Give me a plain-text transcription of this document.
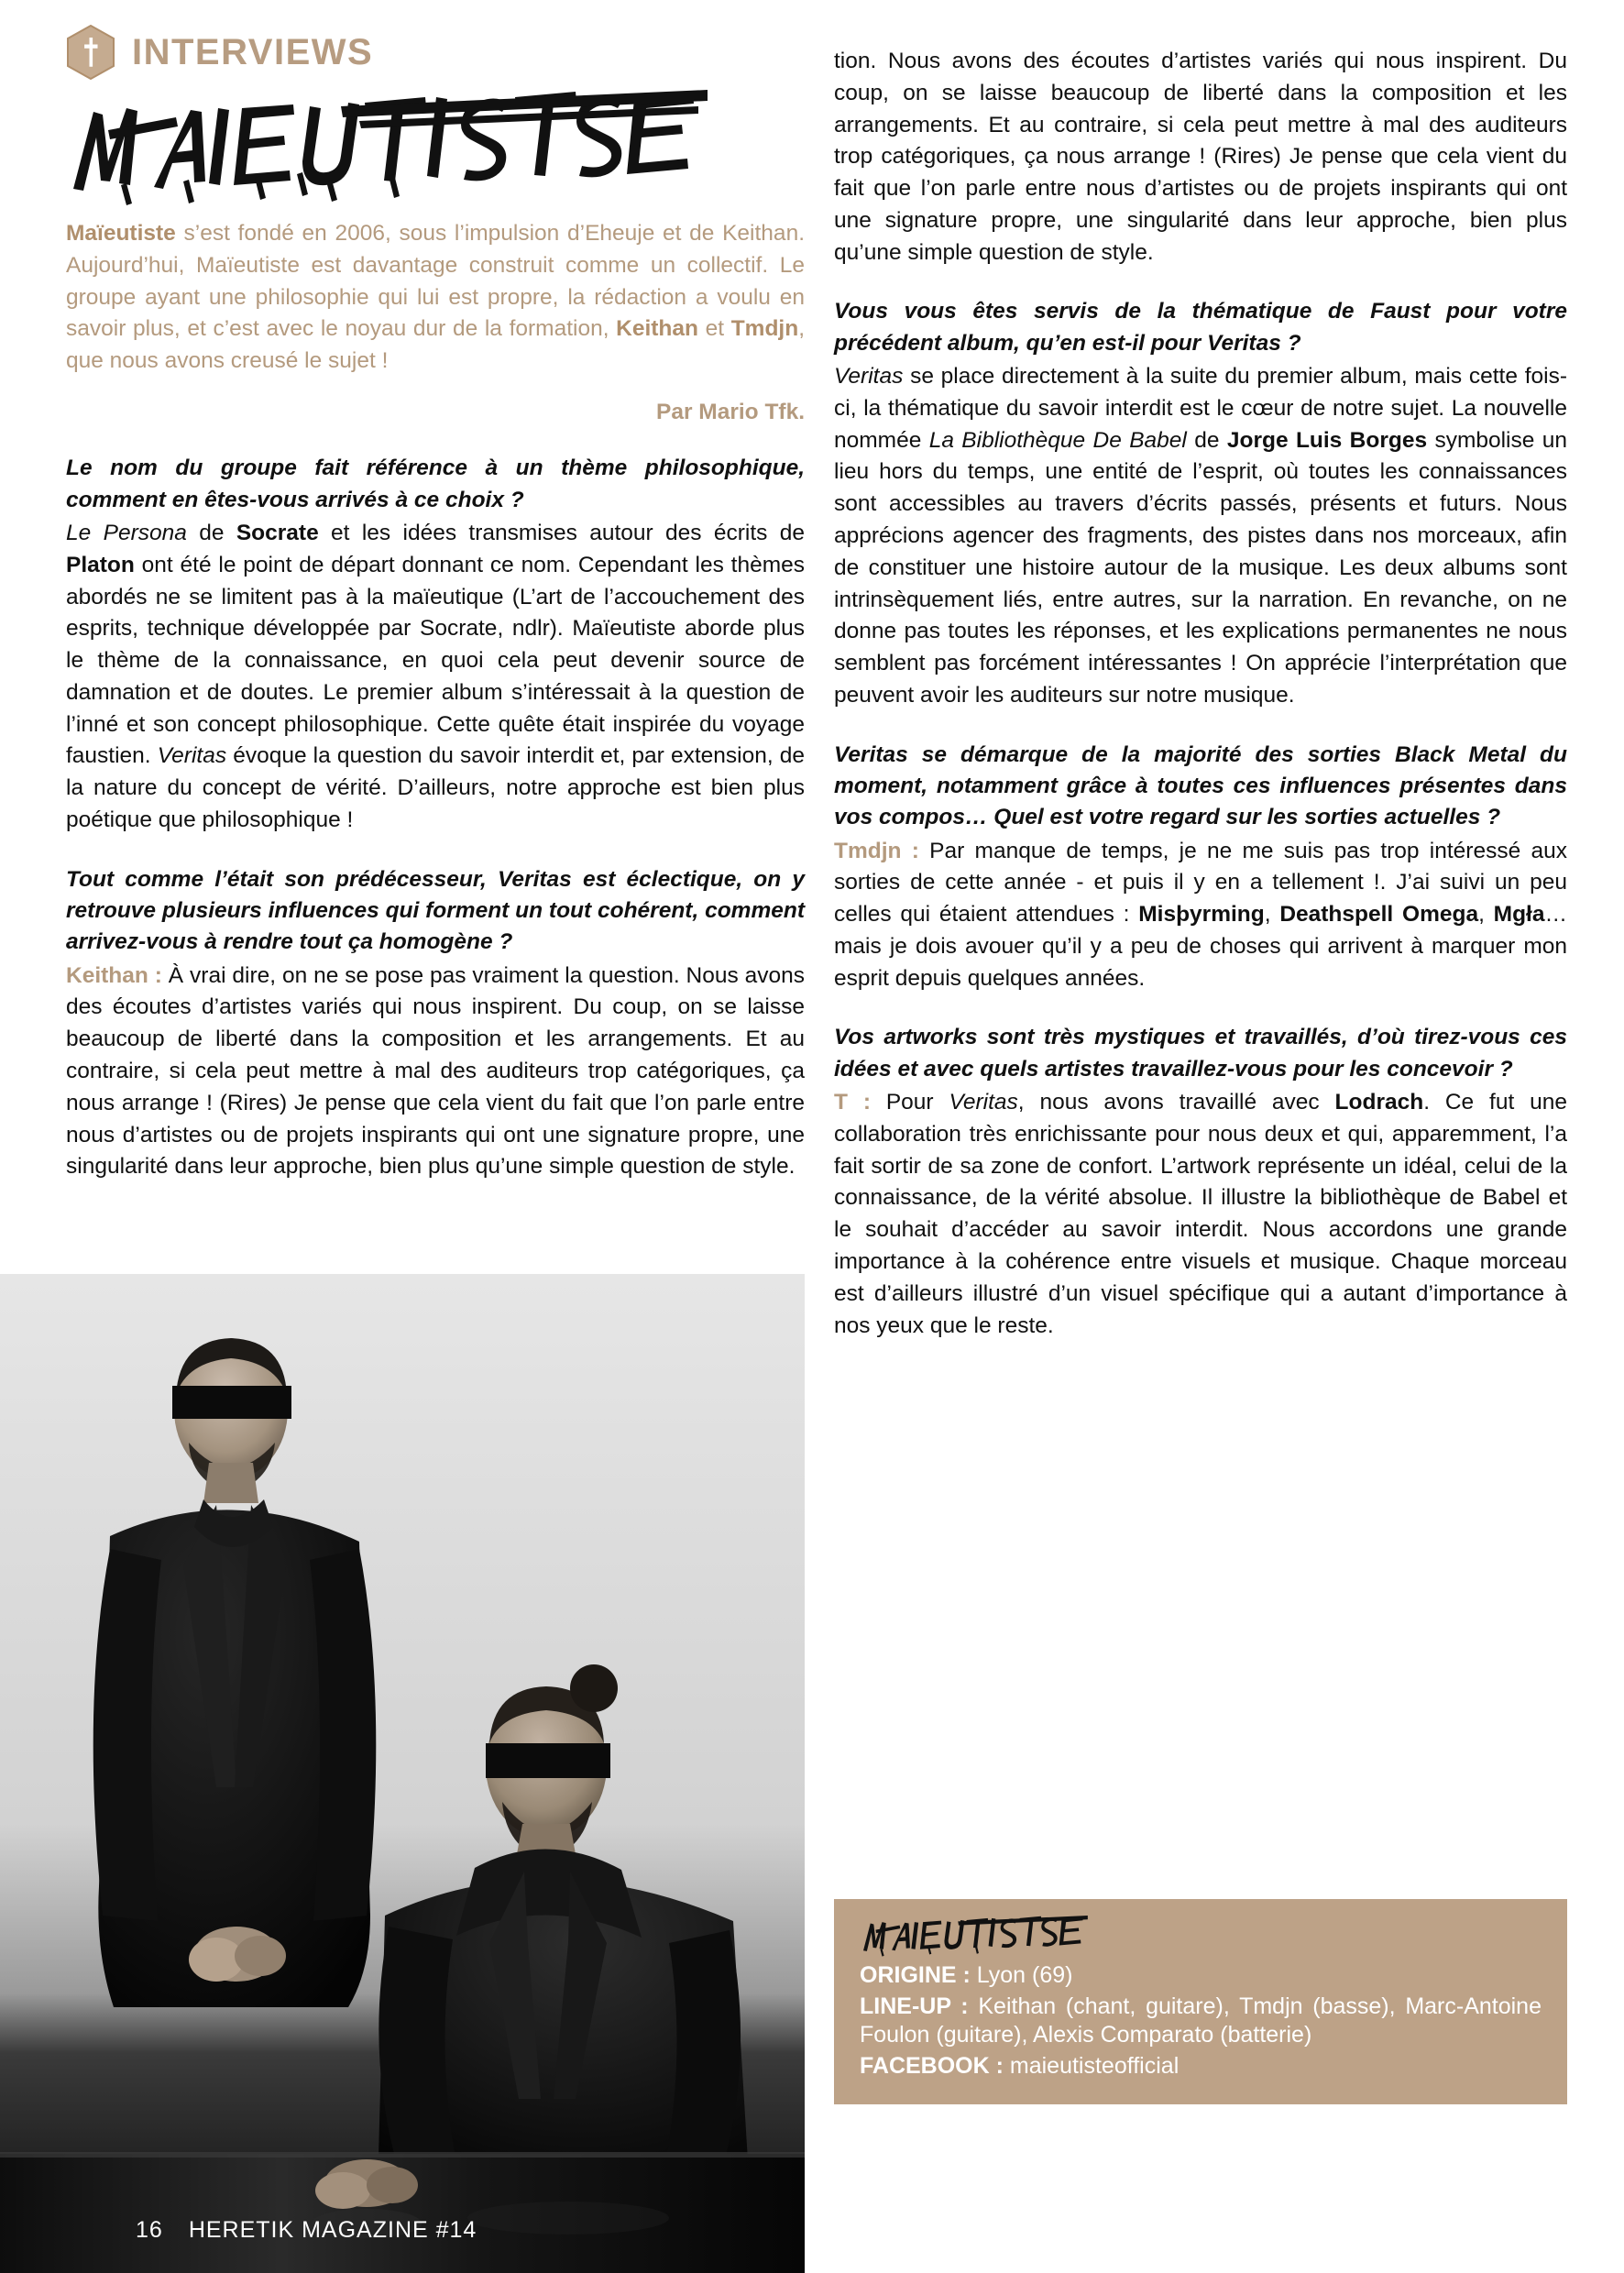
INTERVIEWS

Maïeutiste s’est fondé en 2006, sous l’impulsion d’Eheuje et de Keithan. Aujourd’hui, Maïeutiste est davantage construit comme un collectif. Le groupe ayant une philosophie qui lui est propre, la rédaction a voulu en savoir plus, et c’est avec le noyau dur de la formation, Keithan et Tmdjn, que nous avons creusé le sujet !

Par Mario Tfk.

Le nom du groupe fait référence à un thème philosophique, comment en êtes-vous arrivés à ce choix ?

Le Persona de Socrate et les idées transmises autour des écrits de Platon ont été le point de départ donnant ce nom. Cependant les thèmes abordés ne se limitent pas à la maïeutique (L’art de l’accouchement des esprits, technique développée par Socrate, ndlr). Maïeutiste aborde plus le thème de la connaissance, en quoi cela peut devenir source de damnation et de doutes. Le premier album s’intéressait à la question de l’inné et son concept philosophique. Cette quête était inspirée du voyage faustien. Veritas évoque la question du savoir interdit et, par extension, de la nature du concept de vérité. D’ailleurs, notre approche est bien plus poétique que philosophique !

Tout comme l’était son prédécesseur, Veritas est éclectique, on y retrouve plusieurs influences qui forment un tout cohérent, comment arrivez-vous à rendre tout ça homogène ?

Keithan : À vrai dire, on ne se pose pas vraiment la question. Nous avons des écoutes d’artistes variés qui nous inspirent. Du coup, on se laisse beaucoup de liberté dans la composition et les arrangements. Et au contraire, si cela peut mettre à mal des auditeurs trop catégoriques, ça nous arrange ! (Rires) Je pense que cela vient du fait que l’on parle entre nous d’artistes ou de projets inspirants qui ont une signature propre, une singularité dans leur approche, bien plus qu’une simple question de style.

tion. Nous avons des écoutes d’artistes variés qui nous inspirent. Du coup, on se laisse beaucoup de liberté dans la composition et les arrangements. Et au contraire, si cela peut mettre à mal des auditeurs trop catégoriques, ça nous arrange ! (Rires) Je pense que cela vient du fait que l’on parle entre nous d’artistes ou de projets inspirants qui ont une signature propre, une singularité dans leur approche, bien plus qu’une simple question de style.

Vous vous êtes servis de la thématique de Faust pour votre précédent album, qu’en est-il pour Veritas ?

Veritas se place directement à la suite du premier album, mais cette fois-ci, la thématique du savoir interdit est le cœur de notre sujet. La nouvelle nommée La Bibliothèque De Babel de Jorge Luis Borges symbolise un lieu hors du temps, une entité de l’esprit, où toutes les connaissances sont accessibles au travers d’écrits passés, présents et futurs. Nous apprécions agencer des fragments, des pistes dans nos morceaux, afin de constituer une histoire autour de la musique. Les deux albums sont intrinsèquement liés, entre autres, sur la narration. En revanche, on ne donne pas toutes les réponses, et les explications permanentes ne nous semblent pas forcément intéressantes ! On apprécie l’interprétation que peuvent avoir les auditeurs sur notre musique.

Veritas se démarque de la majorité des sorties Black Metal du moment, notamment grâce à toutes ces influences présentes dans vos compos… Quel est votre regard sur les sorties actuelles ?

Tmdjn : Par manque de temps, je ne me suis pas trop intéressé aux sorties de cette année - et puis il y en a tellement !. J’ai suivi un peu celles qui étaient attendues : Misþyrming, Deathspell Omega, Mgła… mais je dois avouer qu’il y a peu de choses qui arrivent à marquer mon esprit depuis quelques années.

Vos artworks sont très mystiques et travaillés, d’où tirez-vous ces idées et avec quels artistes travaillez-vous pour les concevoir ?

T : Pour Veritas, nous avons travaillé avec Lodrach. Ce fut une collaboration très enrichissante pour nous deux et qui, apparemment, l’a fait sortir de sa zone de confort. L’artwork représente un idéal, celui de la connaissance, de la vérité absolue. Il illustre la bibliothèque de Babel et le souhait d’accéder au savoir interdit. Nous accordons une grande importance à la cohérence entre visuels et musique. Chaque morceau est d’ailleurs illustré d’un visuel spécifique qui a autant d’importance à nos yeux que le reste.

16 HERETIK MAGAZINE #14
ORIGINE : Lyon (69)
LINE-UP : Keithan (chant, guitare), Tmdjn (basse), Marc-Antoine Foulon (guitare), Alexis Comparato (batterie)
FACEBOOK : maieutisteofficial
